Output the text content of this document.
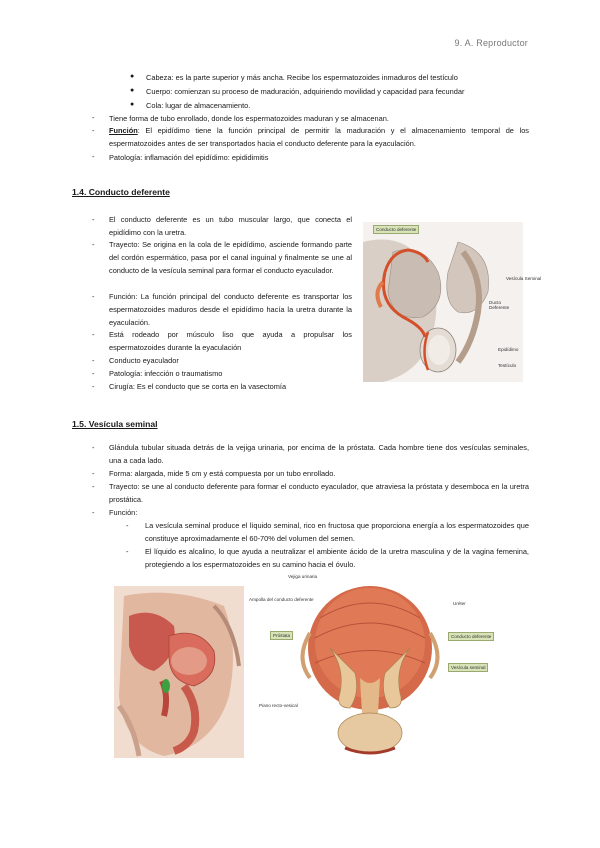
9. A. Reproductor
● Cabeza: es la parte superior y más ancha. Recibe los espermatozoides inmaduros del testículo
● Cuerpo: comienzan su proceso de maduración, adquiriendo movilidad y capacidad para fecundar
● Cola: lugar de almacenamiento.
- Tiene forma de tubo enrollado, donde los espermatozoides maduran y se almacenan.
- Función: El epidídimo tiene la función principal de permitir la maduración y el almacenamiento temporal de los espermatozoides antes de ser transportados hacia el conducto deferente para la eyaculación.
- Patología: inflamación del epidídimo: epididimitis
1.4. Conducto deferente
- El conducto deferente es un tubo muscular largo, que conecta el epidídimo con la uretra.
- Trayecto: Se origina en la cola de le epidídimo, asciende formando parte del cordón espermático, pasa por el canal inguinal y finalmente se une al conducto de la vesícula seminal para formar el conducto eyaculador.
- Función: La función principal del conducto deferente es transportar los espermatozoides maduros desde el epidídimo hacía la uretra durante la eyaculación.
- Está rodeado por músculo liso que ayuda a propulsar los espermatozoides durante la eyaculación
- Conducto eyaculador
- Patología: infección o traumatismo
- Cirugía: Es el conducto que se corta en la vasectomía
Conducto deferente
Vesícula Seminal
Ducto Deferente
Epidídimo
Testículo
1.5. Vesícula seminal
- Glándula tubular situada detrás de la vejiga urinaria, por encima de la próstata. Cada hombre tiene dos vesículas seminales, una a cada lado.
- Forma: alargada, mide 5 cm y está compuesta por un tubo enrollado.
- Trayecto: se une al conducto deferente para formar el conducto eyaculador, que atraviesa la próstata y desemboca en la uretra prostática.
- Función:
- La vesícula seminal produce el líquido seminal, rico en fructosa que proporciona energía a los espermatozoides que constituye aproximadamente el 60-70% del volumen del semen.
- El líquido es alcalino, lo que ayuda a neutralizar el ambiente ácido de la uretra masculina y de la vagina femenina, protegiendo a los espermatozoides en su camino hacia el óvulo.
Vejiga urinaria
Ampolla del conducto deferente
Uréter
Próstata	Conducto deferente
Vesícula seminal
Piano recto-vesical
